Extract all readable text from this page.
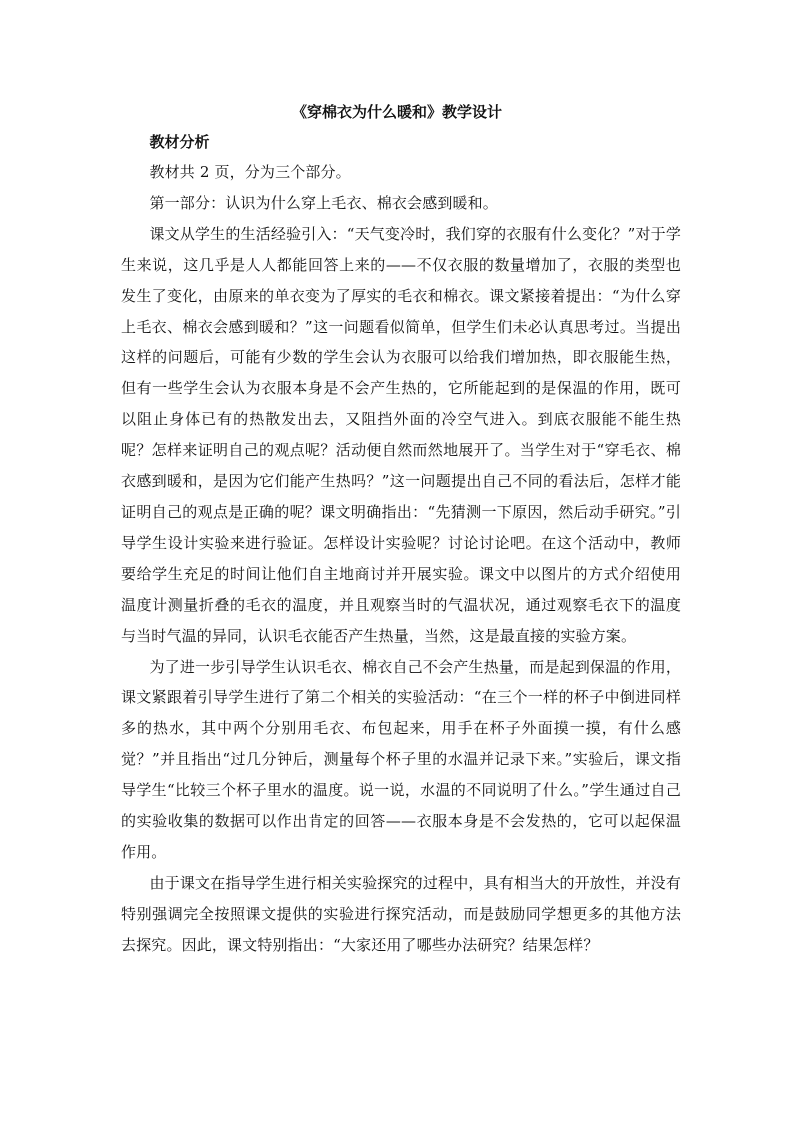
《穿棉衣为什么暖和》教学设计
教材分析

教材共 2 页，分为三个部分。

第一部分：认识为什么穿上毛衣、棉衣会感到暖和。

课文从学生的生活经验引入：“天气变冷时，我们穿的衣服有什么变化？”对于学生来说，这几乎是人人都能回答上来的——不仅衣服的数量增加了，衣服的类型也发生了变化，由原来的单衣变为了厚实的毛衣和棉衣。课文紧接着提出：“为什么穿上毛衣、棉衣会感到暖和？”这一问题看似简单，但学生们未必认真思考过。当提出这样的问题后，可能有少数的学生会认为衣服可以给我们增加热，即衣服能生热，但有一些学生会认为衣服本身是不会产生热的，它所能起到的是保温的作用，既可以阻止身体已有的热散发出去，又阻挡外面的冷空气进入。到底衣服能不能生热呢？怎样来证明自己的观点呢？活动便自然而然地展开了。当学生对于“穿毛衣、棉衣感到暖和，是因为它们能产生热吗？”这一问题提出自己不同的看法后，怎样才能证明自己的观点是正确的呢？课文明确指出：“先猜测一下原因，然后动手研究。”引导学生设计实验来进行验证。怎样设计实验呢？讨论讨论吧。在这个活动中，教师要给学生充足的时间让他们自主地商讨并开展实验。课文中以图片的方式介绍使用温度计测量折叠的毛衣的温度，并且观察当时的气温状况，通过观察毛衣下的温度与当时气温的异同，认识毛衣能否产生热量，当然，这是最直接的实验方案。

为了进一步引导学生认识毛衣、棉衣自己不会产生热量，而是起到保温的作用，课文紧跟着引导学生进行了第二个相关的实验活动：“在三个一样的杯子中倒进同样多的热水，其中两个分别用毛衣、布包起来，用手在杯子外面摸一摸，有什么感觉？”并且指出“过几分钟后，测量每个杯子里的水温并记录下来。”实验后，课文指导学生“比较三个杯子里水的温度。说一说，水温的不同说明了什么。”学生通过自己的实验收集的数据可以作出肯定的回答——衣服本身是不会发热的，它可以起保温作用。

由于课文在指导学生进行相关实验探究的过程中，具有相当大的开放性，并没有特别强调完全按照课文提供的实验进行探究活动，而是鼓励同学想更多的其他方法去探究。因此，课文特别指出：“大家还用了哪些办法研究？结果怎样？
